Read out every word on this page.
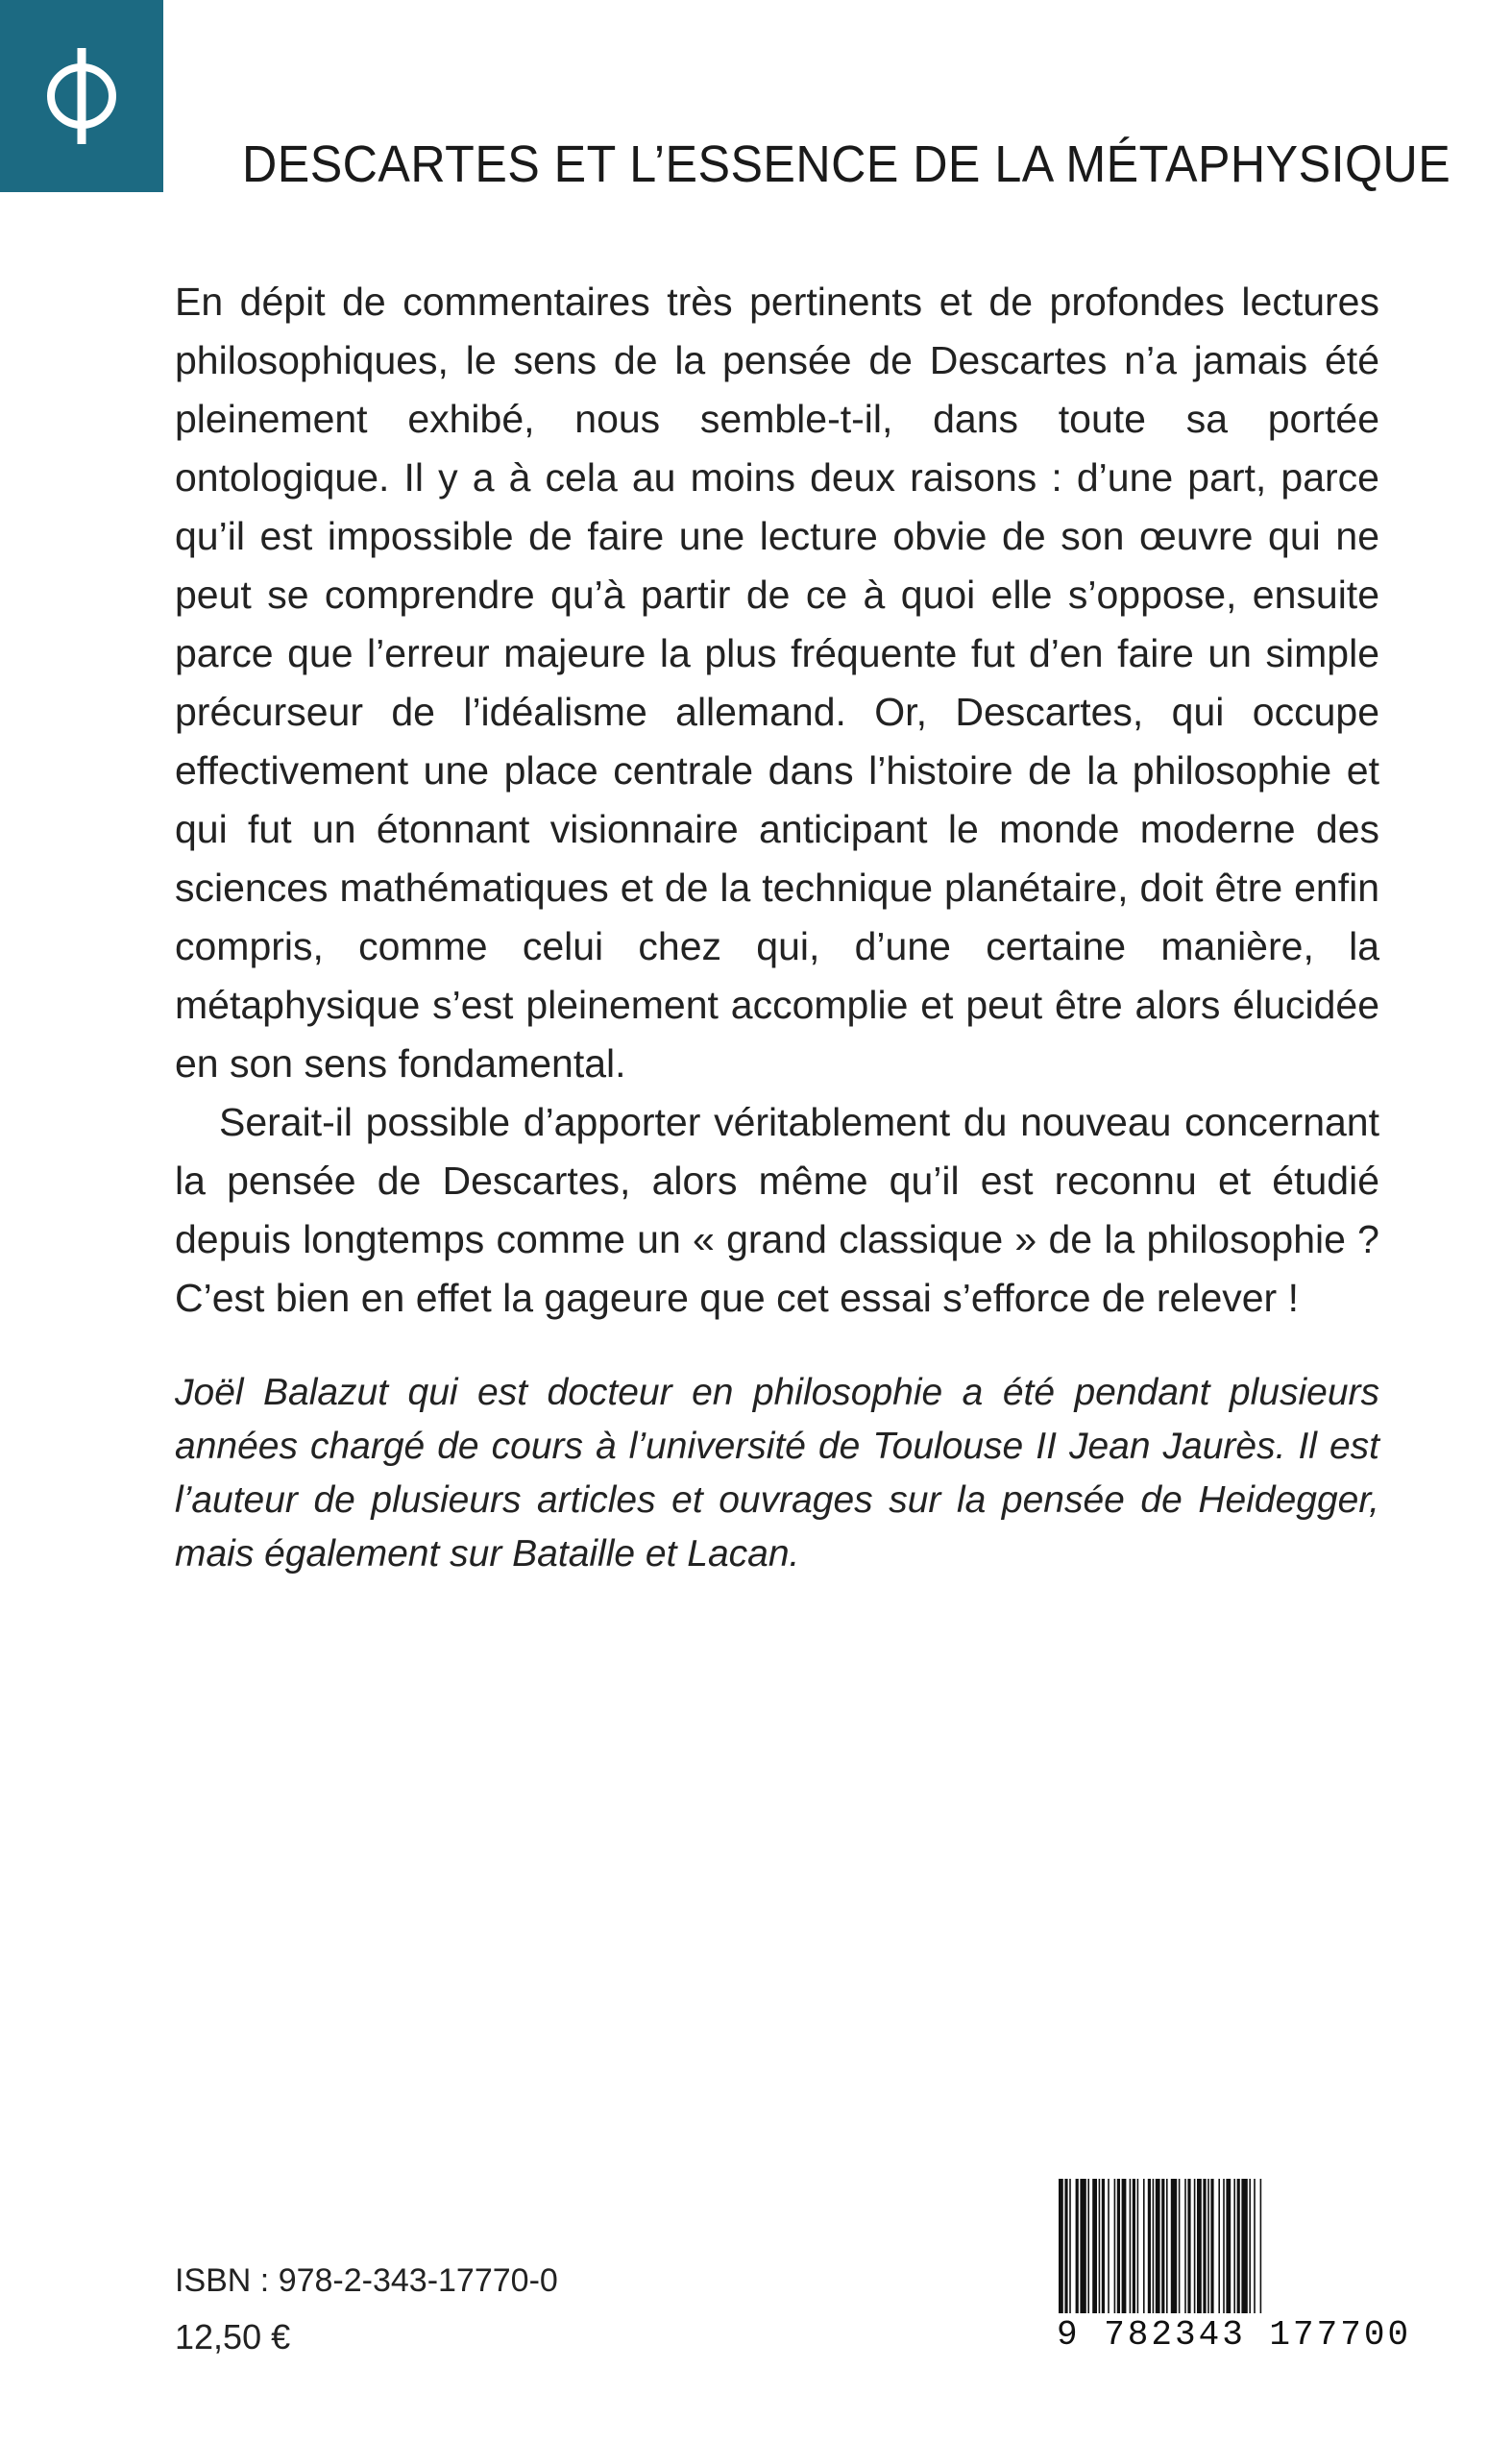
DESCARTES ET L’ESSENCE DE LA MÉTAPHYSIQUE

En dépit de commentaires très pertinents et de profondes lectures philosophiques, le sens de la pensée de Descartes n’a jamais été pleinement exhibé, nous semble-t-il, dans toute sa portée ontologique. Il y a à cela au moins deux raisons : d’une part, parce qu’il est impossible de faire une lecture obvie de son œuvre qui ne peut se comprendre qu’à partir de ce à quoi elle s’oppose, ensuite parce que l’erreur majeure la plus fréquente fut d’en faire un simple précurseur de l’idéalisme allemand. Or, Descartes, qui occupe effectivement une place centrale dans l’histoire de la philosophie et qui fut un étonnant visionnaire anticipant le monde moderne des sciences mathématiques et de la technique planétaire, doit être enfin compris, comme celui chez qui, d’une certaine manière, la métaphysique s’est pleinement accomplie et peut être alors élucidée en son sens fondamental.

Serait-il possible d’apporter véritablement du nouveau concernant la pensée de Descartes, alors même qu’il est reconnu et étudié depuis longtemps comme un « grand classique » de la philosophie ? C’est bien en effet la gageure que cet essai s’efforce de relever !

Joël Balazut qui est docteur en philosophie a été pendant plusieurs années chargé de cours à l’université de Toulouse II Jean Jaurès. Il est l’auteur de plusieurs articles et ouvrages sur la pensée de Heidegger, mais également sur Bataille et Lacan.

ISBN : 978-2-343-17770-0
12,50 €	9 782343 177700
